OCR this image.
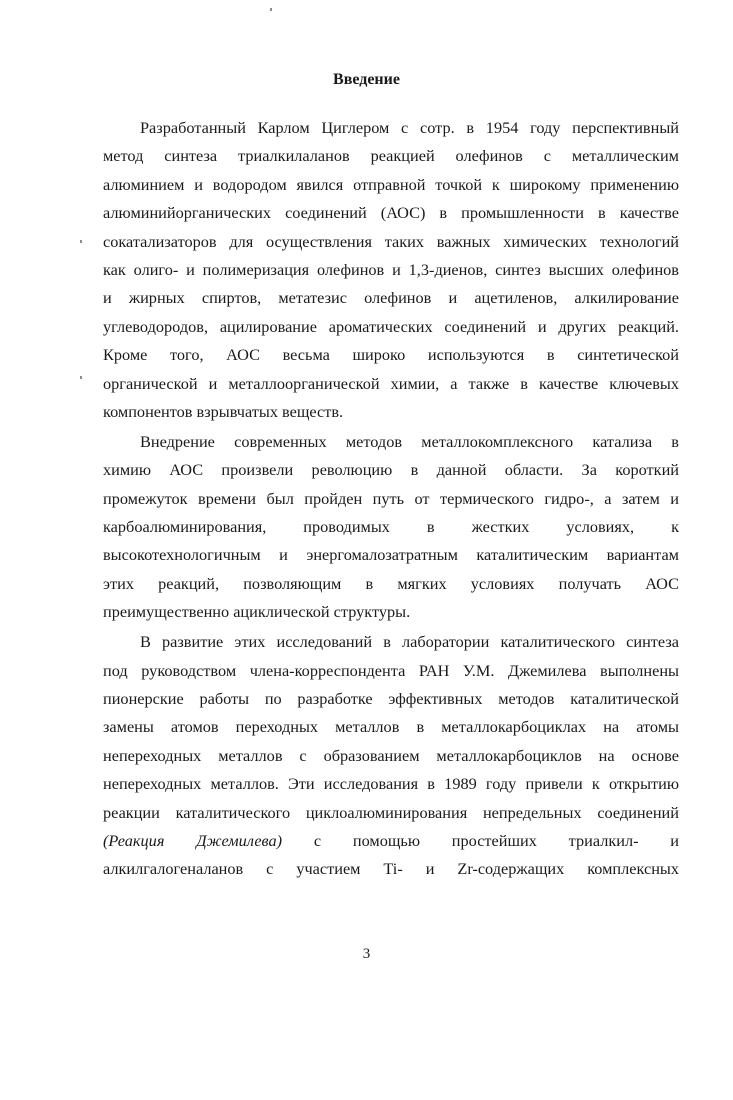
Введение
Разработанный Карлом Циглером с сотр. в 1954 году перспективный
метод синтеза триалкилаланов реакцией олефинов с металлическим
алюминием и водородом явился отправной точкой к широкому применению
алюминийорганических соединений (АОС) в промышленности в качестве
сокатализаторов для осуществления таких важных химических технологий
как олиго- и полимеризация олефинов и 1,3-диенов, синтез высших олефинов
и жирных спиртов, метатезис олефинов и ацетиленов, алкилирование
углеводородов, ацилирование ароматических соединений и других реакций.
Кроме того, АОС весьма широко используются в синтетической
органической и металлоорганической химии, а также в качестве ключевых
компонентов взрывчатых веществ.
Внедрение современных методов металлокомплексного катализа в
химию АОС произвели революцию в данной области. За короткий
промежуток времени был пройден путь от термического гидро-, а затем и
карбоалюминирования, проводимых в жестких условиях, к
высокотехнологичным и энергомалозатратным каталитическим вариантам
этих реакций, позволяющим в мягких условиях получать АОС
преимущественно ациклической структуры.
В развитие этих исследований в лаборатории каталитического синтеза
под руководством члена-корреспондента РАН У.М. Джемилева выполнены
пионерские работы по разработке эффективных методов каталитической
замены атомов переходных металлов в металлокарбоциклах на атомы
непереходных металлов с образованием металлокарбоциклов на основе
непереходных металлов. Эти исследования в 1989 году привели к открытию
реакции каталитического циклоалюминирования непредельных соединений
(Реакция Джемилева) с помощью простейших триалкил- и
алкилгалогеналанов с участием Ti- и Zr-содержащих комплексных
3
